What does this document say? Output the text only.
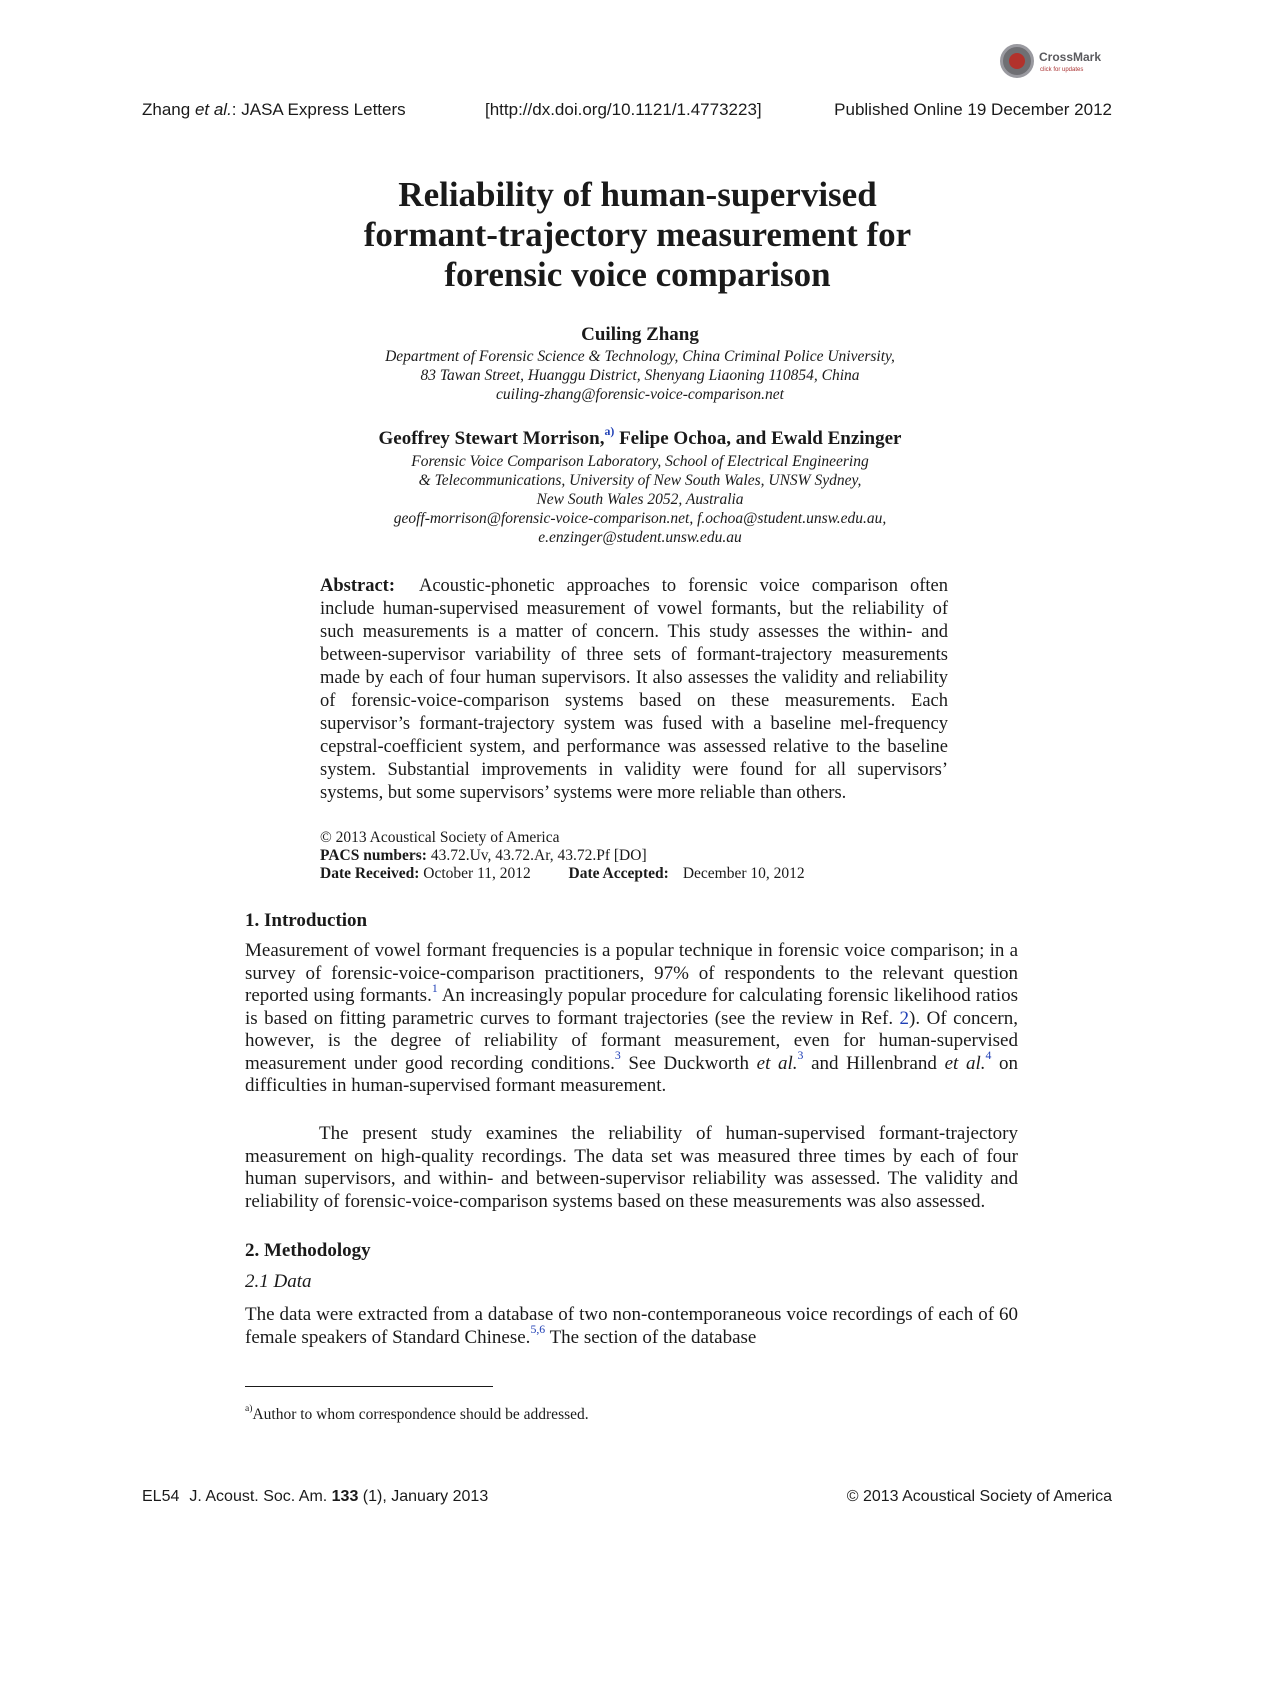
Zhang et al.: JASA Express Letters	[http://dx.doi.org/10.1121/1.4773223]	Published Online 19 December 2012
CrossMark
click for updates
Reliability of human-supervised
formant-trajectory measurement for
forensic voice comparison
Cuiling Zhang
Department of Forensic Science & Technology, China Criminal Police University,
83 Tawan Street, Huanggu District, Shenyang Liaoning 110854, China
cuiling-zhang@forensic-voice-comparison.net
Geoffrey Stewart Morrison,$^{a)}$ Felipe Ochoa, and Ewald Enzinger
Forensic Voice Comparison Laboratory, School of Electrical Engineering
& Telecommunications, University of New South Wales, UNSW Sydney,
New South Wales 2052, Australia
geoff-morrison@forensic-voice-comparison.net, f.ochoa@student.unsw.edu.au,
e.enzinger@student.unsw.edu.au
Abstract: Acoustic-phonetic approaches to forensic voice comparison often include human-supervised measurement of vowel formants, but the reliability of such measurements is a matter of concern. This study assesses the within- and between-supervisor variability of three sets of formant-trajectory measurements made by each of four human supervisors. It also assesses the validity and reliability of forensic-voice-comparison systems based on these measurements. Each supervisor’s formant-trajectory system was fused with a baseline mel-frequency cepstral-coefficient system, and performance was assessed relative to the baseline system. Substantial improvements in validity were found for all supervisors’ systems, but some supervisors’ systems were more reliable than others.
© 2013 Acoustical Society of America
PACS numbers: 43.72.Uv, 43.72.Ar, 43.72.Pf [DO]
Date Received: October 11, 2012 Date Accepted: December 10, 2012
1. Introduction
Measurement of vowel formant frequencies is a popular technique in forensic voice comparison; in a survey of forensic-voice-comparison practitioners, 97% of respondents to the relevant question reported using formants.$^1$ An increasingly popular procedure for calculating forensic likelihood ratios is based on fitting parametric curves to formant trajectories (see the review in Ref. 2). Of concern, however, is the degree of reliability of formant measurement, even for human-supervised measurement under good recording conditions.$^3$ See Duckworth et al.$^3$ and Hillenbrand et al.$^4$ on difficulties in human-supervised formant measurement.
The present study examines the reliability of human-supervised formant-trajectory measurement on high-quality recordings. The data set was measured three times by each of four human supervisors, and within- and between-supervisor reliability was assessed. The validity and reliability of forensic-voice-comparison systems based on these measurements was also assessed.
2. Methodology
2.1 Data
The data were extracted from a database of two non-contemporaneous voice recordings of each of 60 female speakers of Standard Chinese.$^{5,6}$ The section of the database
$^{a)}$Author to whom correspondence should be addressed.
EL54 J. Acoust. Soc. Am. 133 (1), January 2013	© 2013 Acoustical Society of America
